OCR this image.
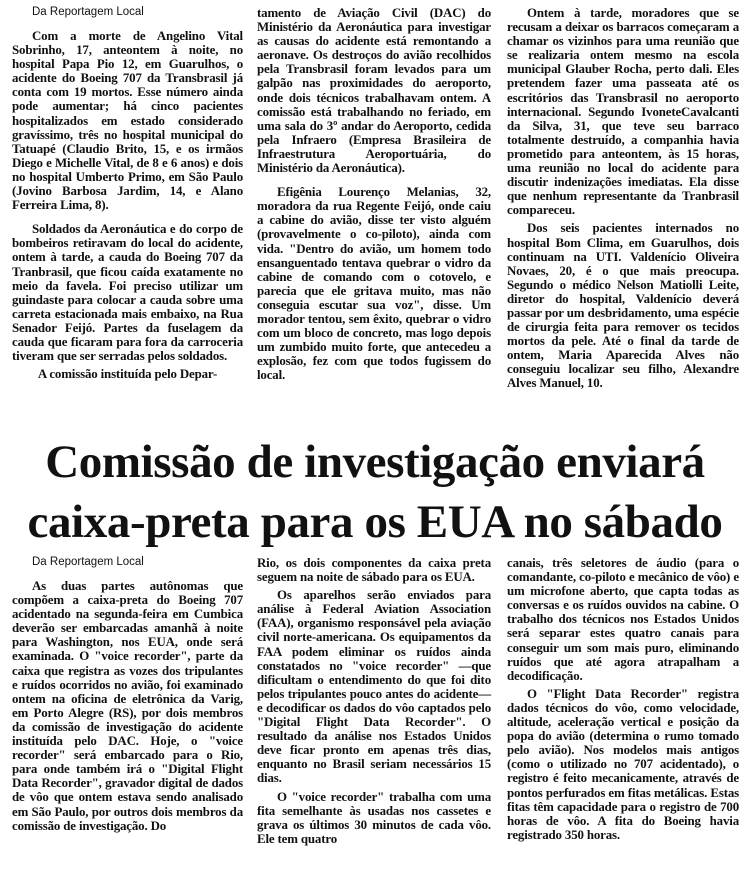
Da Reportagem Local

Com a morte de Angelino Vital Sobrinho, 17, anteontem à noite, no hospital Papa Pio 12, em Guarulhos, o acidente do Boeing 707 da Transbrasil já conta com 19 mortos. Esse número ainda pode aumentar; há cinco pacientes hospitalizados em estado considerado gravíssimo, três no hospital municipal do Tatuapé (Claudio Brito, 15, e os irmãos Diego e Michelle Vital, de 8 e 6 anos) e dois no hospital Umberto Primo, em São Paulo (Jovino Barbosa Jardim, 14, e Alano Ferreira Lima, 8).

Soldados da Aeronáutica e do corpo de bombeiros retiravam do local do acidente, ontem à tarde, a cauda do Boeing 707 da Tranbrasil, que ficou caída exatamente no meio da favela. Foi preciso utilizar um guindaste para colocar a cauda sobre uma carreta estacionada mais embaixo, na Rua Senador Feijó. Partes da fuselagem da cauda que ficaram para fora da carroceria tiveram que ser serradas pelos soldados.

A comissão instituída pelo Depar-

tamento de Aviação Civil (DAC) do Ministério da Aeronáutica para investigar as causas do acidente está remontando a aeronave. Os destroços do avião recolhidos pela Transbrasil foram levados para um galpão nas proximidades do aeroporto, onde dois técnicos trabalhavam ontem. A comissão está trabalhando no feriado, em uma sala do 3º andar do Aeroporto, cedida pela Infraero (Empresa Brasileira de Infraestrutura Aeroportuária, do Ministério da Aeronáutica).

Efigênia Lourenço Melanias, 32, moradora da rua Regente Feijó, onde caiu a cabine do avião, disse ter visto alguém (provavelmente o co-piloto), ainda com vida. "Dentro do avião, um homem todo ensanguentado tentava quebrar o vidro da cabine de comando com o cotovelo, e parecia que ele gritava muito, mas não conseguia escutar sua voz", disse. Um morador tentou, sem êxito, quebrar o vidro com um bloco de concreto, mas logo depois um zumbido muito forte, que antecedeu a explosão, fez com que todos fugissem do local.

Ontem à tarde, moradores que se recusam a deixar os barracos começaram a chamar os vizinhos para uma reunião que se realizaria ontem mesmo na escola municipal Glauber Rocha, perto dali. Eles pretendem fazer uma passeata até os escritórios das Transbrasil no aeroporto internacional. Segundo IvoneteCavalcanti da Silva, 31, que teve seu barraco totalmente destruído, a companhia havia prometido para anteontem, às 15 horas, uma reunião no local do acidente para discutir indenizações imediatas. Ela disse que nenhum representante da Tranbrasil compareceu.

Dos seis pacientes internados no hospital Bom Clima, em Guarulhos, dois continuam na UTI. Valdenício Oliveira Novaes, 20, é o que mais preocupa. Segundo o médico Nelson Matiolli Leite, diretor do hospital, Valdenício deverá passar por um desbridamento, uma espécie de cirurgia feita para remover os tecidos mortos da pele. Até o final da tarde de ontem, Maria Aparecida Alves não conseguiu localizar seu filho, Alexandre Alves Manuel, 10.

Comissão de investigação enviará
caixa-preta para os EUA no sábado

Da Reportagem Local

As duas partes autônomas que compõem a caixa-preta do Boeing 707 acidentado na segunda-feira em Cumbica deverão ser embarcadas amanhã à noite para Washington, nos EUA, onde será examinada. O "voice recorder", parte da caixa que registra as vozes dos tripulantes e ruídos ocorridos no avião, foi examinado ontem na oficina de eletrônica da Varig, em Porto Alegre (RS), por dois membros da comissão de investigação do acidente instituída pelo DAC. Hoje, o "voice recorder" será embarcado para o Rio, para onde também irá o "Digital Flight Data Recorder", gravador digital de dados de vôo que ontem estava sendo analisado em São Paulo, por outros dois membros da comissão de investigação. Do

Rio, os dois componentes da caixa preta seguem na noite de sábado para os EUA.

Os aparelhos serão enviados para análise à Federal Aviation Association (FAA), organismo responsável pela aviação civil norte-americana. Os equipamentos da FAA podem eliminar os ruídos ainda constatados no "voice recorder" —que dificultam o entendimento do que foi dito pelos tripulantes pouco antes do acidente— e decodificar os dados do vôo captados pelo "Digital Flight Data Recorder". O resultado da análise nos Estados Unidos deve ficar pronto em apenas três dias, enquanto no Brasil seriam necessários 15 dias.

O "voice recorder" trabalha com uma fita semelhante às usadas nos cassetes e grava os últimos 30 minutos de cada vôo. Ele tem quatro

canais, três seletores de áudio (para o comandante, co-piloto e mecânico de vôo) e um microfone aberto, que capta todas as conversas e os ruídos ouvidos na cabine. O trabalho dos técnicos nos Estados Unidos será separar estes quatro canais para conseguir um som mais puro, eliminando ruídos que até agora atrapalham a decodificação.

O "Flight Data Recorder" registra dados técnicos do vôo, como velocidade, altitude, aceleração vertical e posição da popa do avião (determina o rumo tomado pelo avião). Nos modelos mais antigos (como o utilizado no 707 acidentado), o registro é feito mecanicamente, através de pontos perfurados em fitas metálicas. Estas fitas têm capacidade para o registro de 700 horas de vôo. A fita do Boeing havia registrado 350 horas.
